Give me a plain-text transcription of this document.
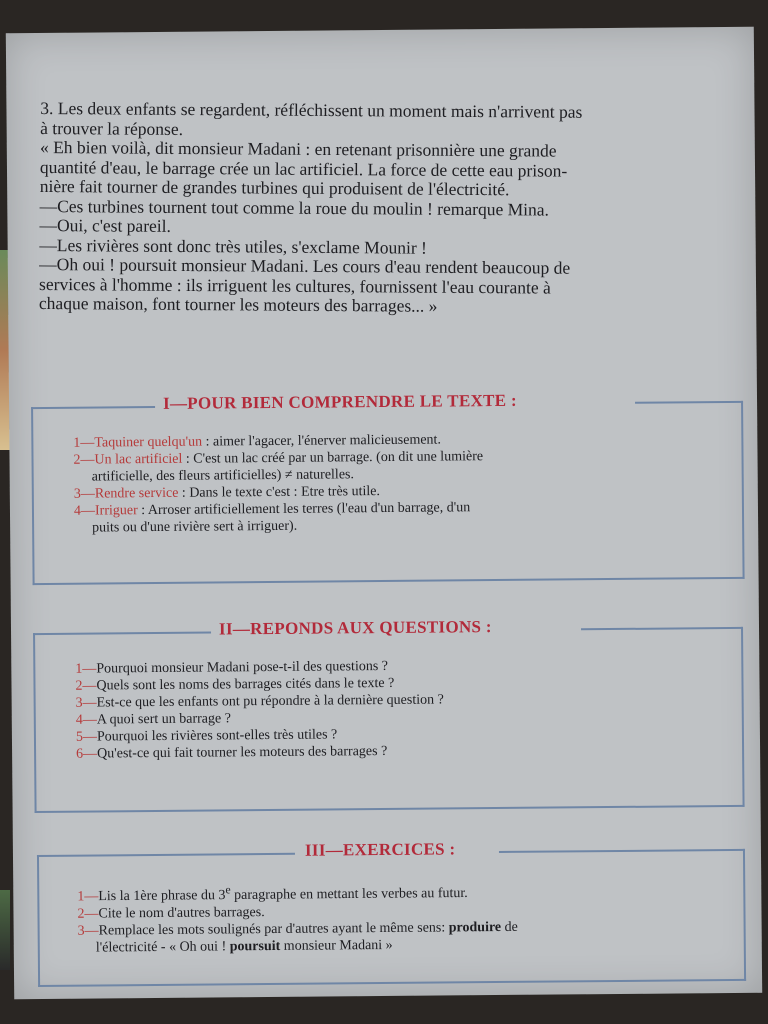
3. Les deux enfants se regardent, réfléchissent un moment mais n'arrivent pas

à trouver la réponse.

« Eh bien voilà, dit monsieur Madani : en retenant prisonnière une grande

quantité d'eau, le barrage crée un lac artificiel. La force de cette eau prison-

nière fait tourner de grandes turbines qui produisent de l'électricité.

—Ces turbines tournent tout comme la roue du moulin ! remarque Mina.

—Oui, c'est pareil.

—Les rivières sont donc très utiles, s'exclame Mounir !

—Oh oui ! poursuit monsieur Madani. Les cours d'eau rendent beaucoup de

services à l'homme : ils irriguent les cultures, fournissent l'eau courante à

chaque maison, font tourner les moteurs des barrages... »

I—POUR BIEN COMPRENDRE LE TEXTE :

1—Taquiner quelqu'un : aimer l'agacer, l'énerver malicieusement.

2—Un lac artificiel : C'est un lac créé par un barrage. (on dit une lumière

artificielle, des fleurs artificielles) ≠ naturelles.

3—Rendre service : Dans le texte c'est : Etre très utile.

4—Irriguer : Arroser artificiellement les terres (l'eau d'un barrage, d'un

puits ou d'une rivière sert à irriguer).

II—REPONDS AUX QUESTIONS :

1—Pourquoi monsieur Madani pose-t-il des questions ?

2—Quels sont les noms des barrages cités dans le texte ?

3—Est-ce que les enfants ont pu répondre à la dernière question ?

4—A quoi sert un barrage ?

5—Pourquoi les rivières sont-elles très utiles ?

6—Qu'est-ce qui fait tourner les moteurs des barrages ?

III—EXERCICES :

1—Lis la 1ère phrase du 3e paragraphe en mettant les verbes au futur.

2—Cite le nom d'autres barrages.

3—Remplace les mots soulignés par d'autres ayant le même sens: produire de

l'électricité - « Oh oui ! poursuit monsieur Madani »
